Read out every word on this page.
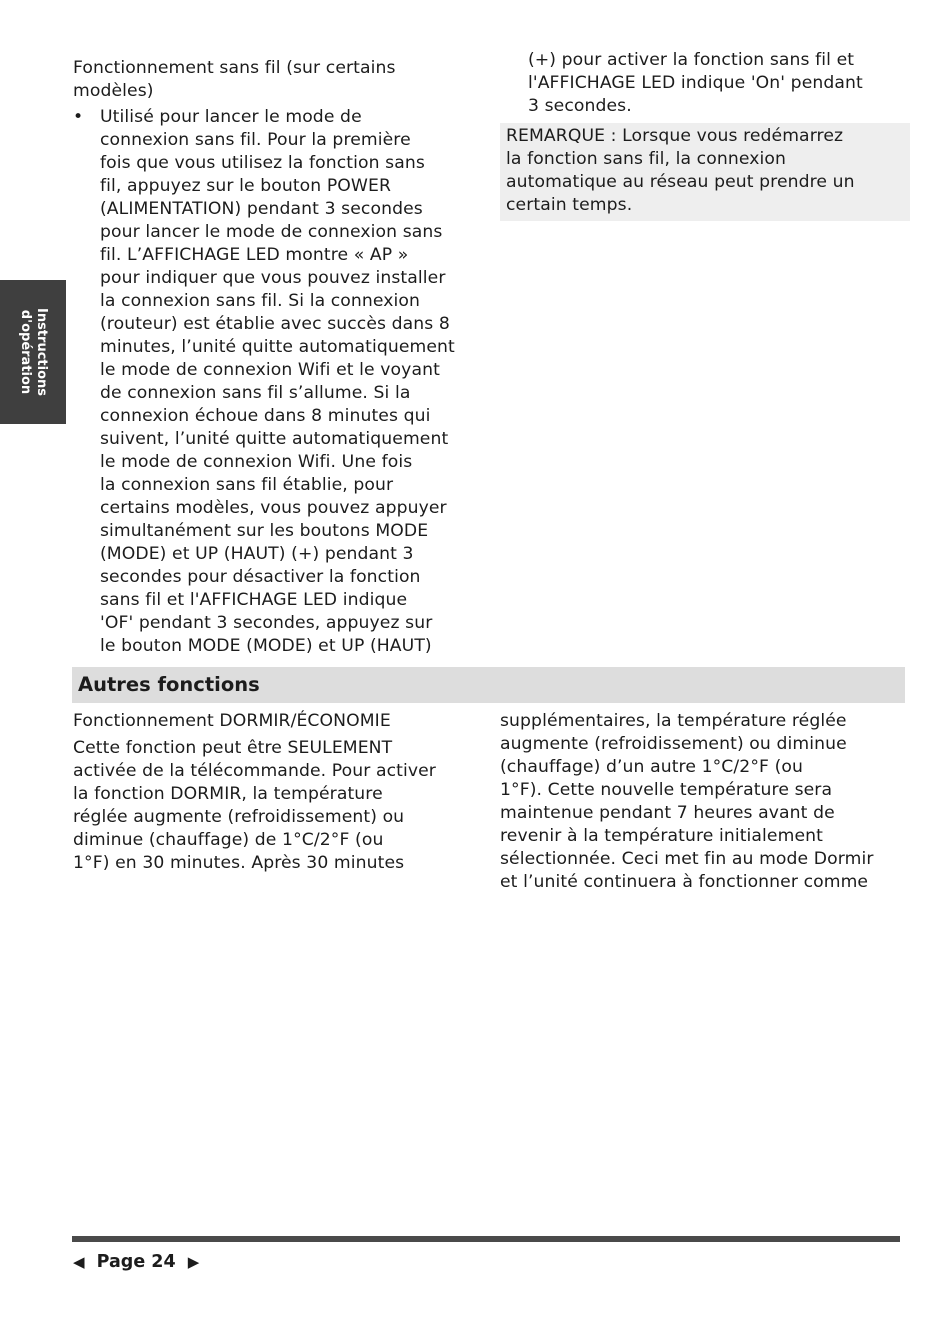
Instructions
d'opération

Fonctionnement sans fil (sur certains
modèles)

• Utilisé pour lancer le mode de
connexion sans fil. Pour la première
fois que vous utilisez la fonction sans
fil, appuyez sur le bouton POWER
(ALIMENTATION) pendant 3 secondes
pour lancer le mode de connexion sans
fil. L’AFFICHAGE LED montre « AP »
pour indiquer que vous pouvez installer
la connexion sans fil. Si la connexion
(routeur) est établie avec succès dans 8
minutes, l’unité quitte automatiquement
le mode de connexion Wifi et le voyant
de connexion sans fil s’allume. Si la
connexion échoue dans 8 minutes qui
suivent, l’unité quitte automatiquement
le mode de connexion Wifi. Une fois
la connexion sans fil établie, pour
certains modèles, vous pouvez appuyer
simultanément sur les boutons MODE
(MODE) et UP (HAUT) (+) pendant 3
secondes pour désactiver la fonction
sans fil et l'AFFICHAGE LED indique
'OF' pendant 3 secondes, appuyez sur
le bouton MODE (MODE) et UP (HAUT)

(+) pour activer la fonction sans fil et
l'AFFICHAGE LED indique 'On' pendant
3 secondes.

REMARQUE : Lorsque vous redémarrez
la fonction sans fil, la connexion
automatique au réseau peut prendre un
certain temps.

Autres fonctions

Fonctionnement DORMIR/ÉCONOMIE

Cette fonction peut être SEULEMENT
activée de la télécommande. Pour activer
la fonction DORMIR, la température
réglée augmente (refroidissement) ou
diminue (chauffage) de 1°C/2°F (ou
1°F) en 30 minutes. Après 30 minutes

supplémentaires, la température réglée
augmente (refroidissement) ou diminue
(chauffage) d’un autre 1°C/2°F (ou
1°F). Cette nouvelle température sera
maintenue pendant 7 heures avant de
revenir à la température initialement
sélectionnée. Ceci met fin au mode Dormir
et l’unité continuera à fonctionner comme

◀ Page 24 ▶
